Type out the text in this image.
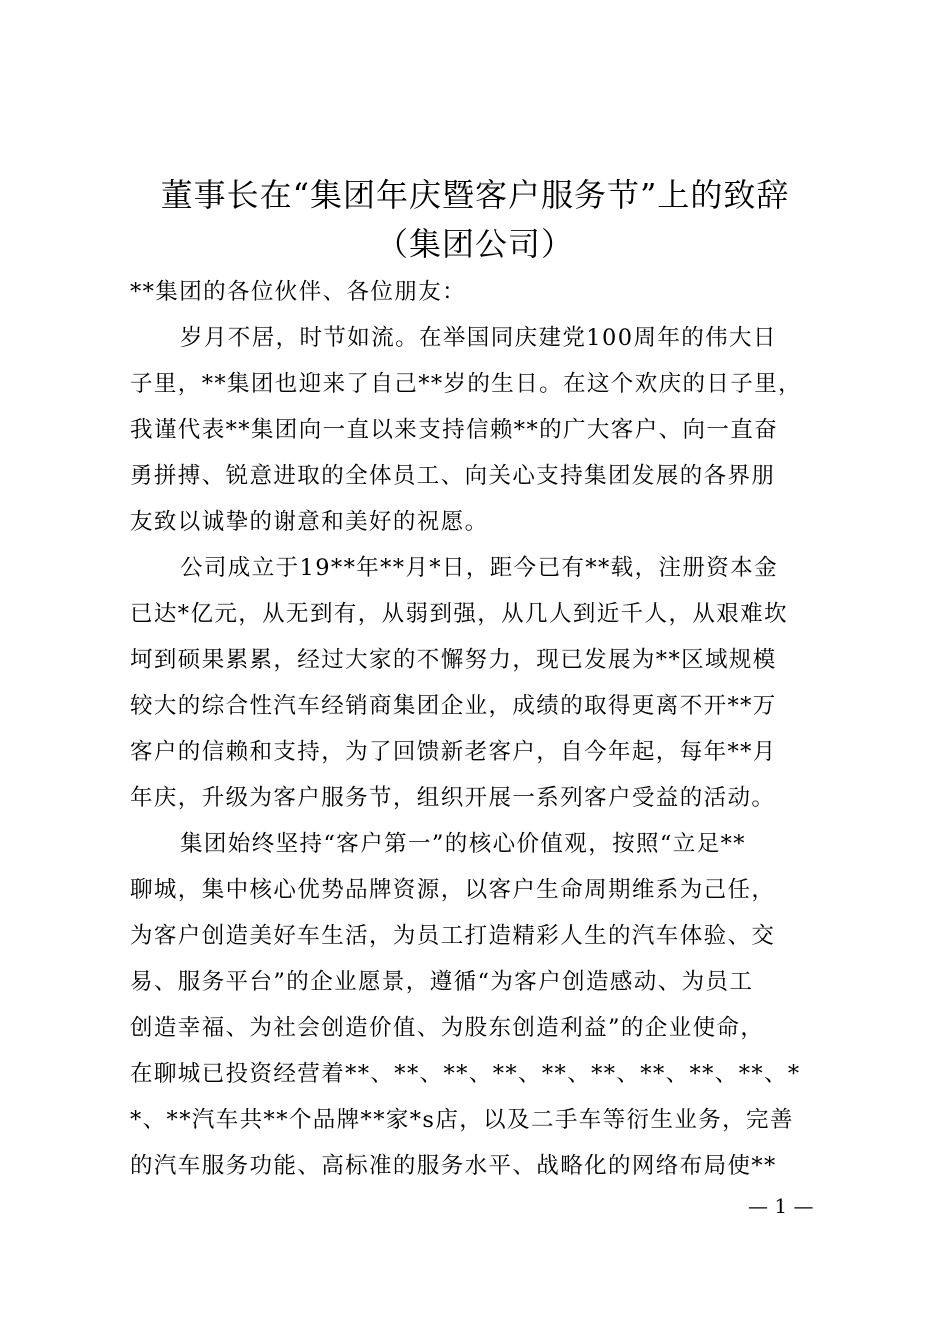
董事长在“集团年庆暨客户服务节”上的致辞
（集团公司）
**集团的各位伙伴、各位朋友：
岁月不居，时节如流。在举国同庆建党100周年的伟大日
子里，**集团也迎来了自己**岁的生日。在这个欢庆的日子里，
我谨代表**集团向一直以来支持信赖**的广大客户、向一直奋
勇拼搏、锐意进取的全体员工、向关心支持集团发展的各界朋
友致以诚挚的谢意和美好的祝愿。
公司成立于19**年**月*日，距今已有**载，注册资本金
已达*亿元，从无到有，从弱到强，从几人到近千人，从艰难坎
坷到硕果累累，经过大家的不懈努力，现已发展为**区域规模
较大的综合性汽车经销商集团企业，成绩的取得更离不开**万
客户的信赖和支持，为了回馈新老客户，自今年起，每年**月
年庆，升级为客户服务节，组织开展一系列客户受益的活动。
集团始终坚持“客户第一”的核心价值观，按照“立足**
聊城，集中核心优势品牌资源，以客户生命周期维系为己任，
为客户创造美好车生活，为员工打造精彩人生的汽车体验、交
易、服务平台”的企业愿景，遵循“为客户创造感动、为员工
创造幸福、为社会创造价值、为股东创造利益”的企业使命，
在聊城已投资经营着**、**、**、**、**、**、**、**、**、*
*、**汽车共**个品牌**家*s店，以及二手车等衍生业务，完善
的汽车服务功能、高标准的服务水平、战略化的网络布局使**
— 1 —
